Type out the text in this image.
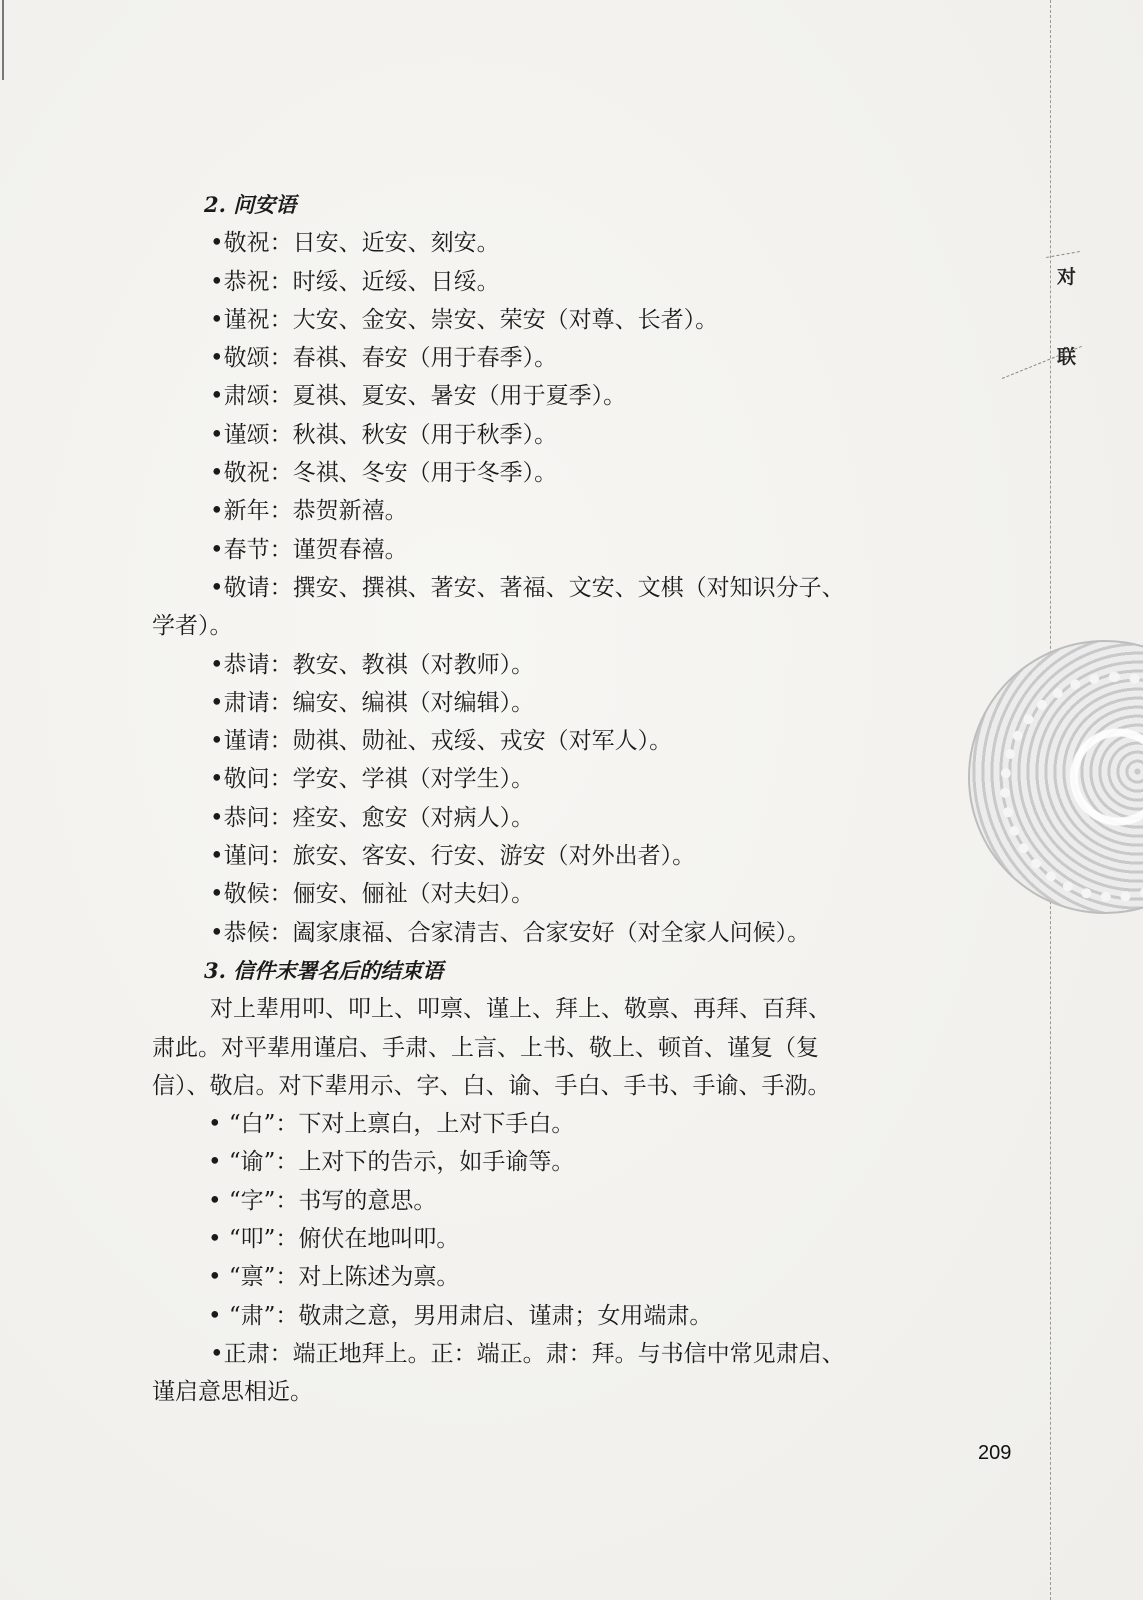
对
联
2. 问安语
•敬祝：日安、近安、刻安。
•恭祝：时绥、近绥、日绥。
•谨祝：大安、金安、崇安、荣安（对尊、长者）。
•敬颂：春祺、春安（用于春季）。
•肃颂：夏祺、夏安、暑安（用于夏季）。
•谨颂：秋祺、秋安（用于秋季）。
•敬祝：冬祺、冬安（用于冬季）。
•新年：恭贺新禧。
•春节：谨贺春禧。
•敬请：撰安、撰祺、著安、著福、文安、文棋（对知识分子、
学者）。
•恭请：教安、教祺（对教师）。
•肃请：编安、编祺（对编辑）。
•谨请：勋祺、勋祉、戎绥、戎安（对军人）。
•敬问：学安、学祺（对学生）。
•恭问：痊安、愈安（对病人）。
•谨问：旅安、客安、行安、游安（对外出者）。
•敬候：俪安、俪祉（对夫妇）。
•恭候：阖家康福、合家清吉、合家安好（对全家人问候）。
3. 信件末署名后的结束语
对上辈用叩、叩上、叩禀、谨上、拜上、敬禀、再拜、百拜、
肃此。对平辈用谨启、手肃、上言、上书、敬上、顿首、谨复（复
信）、敬启。对下辈用示、字、白、谕、手白、手书、手谕、手泐。
• “白”：下对上禀白，上对下手白。
• “谕”：上对下的告示，如手谕等。
• “字”：书写的意思。
• “叩”：俯伏在地叫叩。
• “禀”：对上陈述为禀。
• “肃”：敬肃之意，男用肃启、谨肃；女用端肃。
•正肃：端正地拜上。正：端正。肃：拜。与书信中常见肃启、
谨启意思相近。
209
